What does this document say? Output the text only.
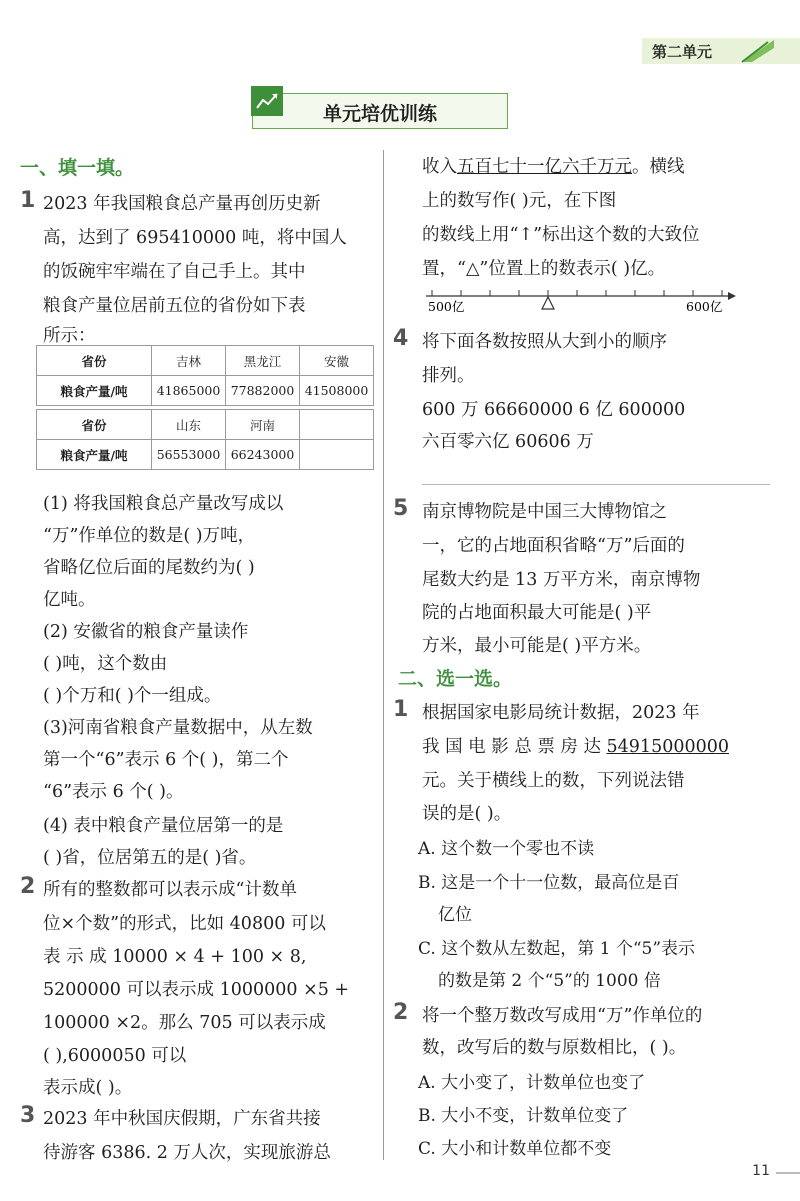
第二单元
单元培优训练
一、填一填。
1 2023 年我国粮食总产量再创历史新
高，达到了 695410000 吨，将中国人
的饭碗牢牢端在了自己手上。其中
粮食产量位居前五位的省份如下表
所示：
省份	吉林	黑龙江	安徽
粮食产量/吨	41865000	77882000	41508000

省份	山东	河南	
粮食产量/吨	56553000	66243000	
(1) 将我国粮食总产量改写成以
“万”作单位的数是( )万吨，
省略亿位后面的尾数约为( )
亿吨。
(2) 安徽省的粮食产量读作
( )吨，这个数由
( )个万和( )个一组成。
(3)河南省粮食产量数据中，从左数
第一个“6”表示 6 个( )，第二个
“6”表示 6 个( )。
(4) 表中粮食产量位居第一的是
( )省，位居第五的是( )省。
2 所有的整数都可以表示成“计数单
位×个数”的形式，比如 40800 可以
表 示 成 10000 × 4 + 100 × 8,
5200000 可以表示成 1000000 ×5 +
100000 ×2。那么 705 可以表示成
( ),6000050 可以
表示成( )。
3 2023 年中秋国庆假期，广东省共接
待游客 6386. 2 万人次，实现旅游总
收入五百七十一亿六千万元。横线
上的数写作( )元，在下图
的数线上用“↑”标出这个数的大致位
置，“△”位置上的数表示( )亿。
500亿	600亿
4 将下面各数按照从大到小的顺序
排列。
600 万 66660000 6 亿 600000
六百零六亿 60606 万
5 南京博物院是中国三大博物馆之
一，它的占地面积省略“万”后面的
尾数大约是 13 万平方米，南京博物
院的占地面积最大可能是( )平
方米，最小可能是( )平方米。
二、选一选。
1 根据国家电影局统计数据，2023 年
我 国 电 影 总 票 房 达 54915000000
元。关于横线上的数，下列说法错
误的是( )。
A. 这个数一个零也不读
B. 这是一个十一位数，最高位是百
亿位
C. 这个数从左数起，第 1 个“5”表示
的数是第 2 个“5”的 1000 倍
2 将一个整万数改写成用“万”作单位的
数，改写后的数与原数相比，( )。
A. 大小变了，计数单位也变了
B. 大小不变，计数单位变了
C. 大小和计数单位都不变
11
